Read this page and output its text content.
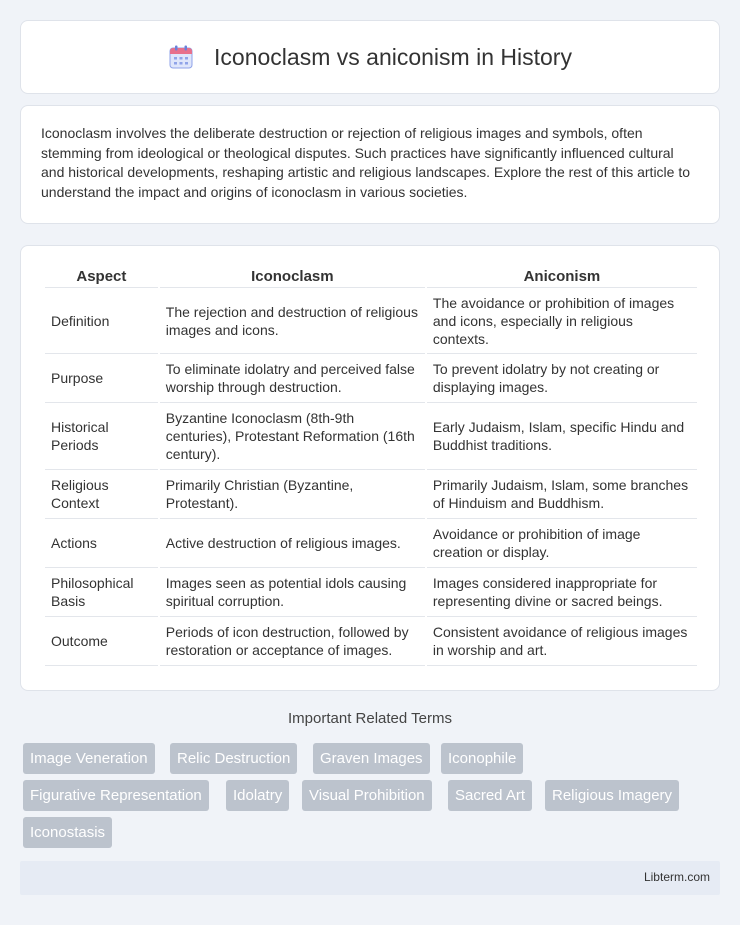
Iconoclasm vs aniconism in History

Iconoclasm involves the deliberate destruction or rejection of religious images and symbols, often stemming from ideological or theological disputes. Such practices have significantly influenced cultural and historical developments, reshaping artistic and religious landscapes. Explore the rest of this article to understand the impact and origins of iconoclasm in various societies.

Aspect	Iconoclasm	Aniconism
Definition	The rejection and destruction of religious images and icons.	The avoidance or prohibition of images and icons, especially in religious contexts.
Purpose	To eliminate idolatry and perceived false worship through destruction.	To prevent idolatry by not creating or displaying images.
Historical Periods	Byzantine Iconoclasm (8th-9th centuries), Protestant Reformation (16th century).	Early Judaism, Islam, specific Hindu and Buddhist traditions.
Religious Context	Primarily Christian (Byzantine, Protestant).	Primarily Judaism, Islam, some branches of Hinduism and Buddhism.
Actions	Active destruction of religious images.	Avoidance or prohibition of image creation or display.
Philosophical Basis	Images seen as potential idols causing spiritual corruption.	Images considered inappropriate for representing divine or sacred beings.
Outcome	Periods of icon destruction, followed by restoration or acceptance of images.	Consistent avoidance of religious images in worship and art.
Important Related Terms
Image Veneration	Relic Destruction	Graven Images	Iconophile
Figurative Representation	Idolatry	Visual Prohibition	Sacred Art	Religious Imagery
Iconostasis
Libterm.com
